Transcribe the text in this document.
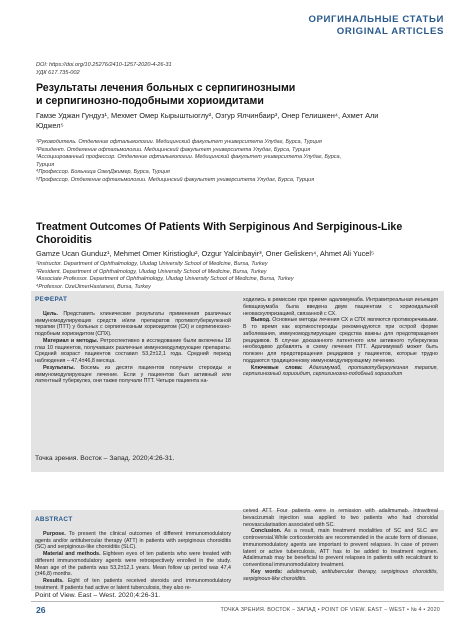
ОРИГИНАЛЬНЫЕ СТАТЬИ
ORIGINAL ARTICLES
DOI: https://doi.org/10.25276/2410-1257-2020-4-26-31
УДК 617.735-002
Результаты лечения больных с серпигинозными
и серпигинозно-подобными хориоидитами
Гамзе Уджан Гундуз¹, Мехмет Омер Кырыштыоглу², Озгур Ялчинбаир³, Онер Гелишкен⁴, Ахмет Али
Юджел⁵
¹Руководитель. Отделение офтальмологии. Медицинский факультет университета Улудаг, Бурса, Турция
²Резидент. Отделение офтальмологии. Медицинский факультет университета Улудаг, Бурса, Турция
³Ассоциированный профессор. Отделение офтальмологии. Медицинский факультет университета Улудаг, Бурса,
Турция
⁴Профессор. Больница ОзелДжимер, Бурса, Турция
⁵Профессор. Отделение офтальмологии. Медицинский факультет университета Улудаг, Бурса, Турция
Treatment Outcomes Of Patients With Serpiginous And Serpiginous-Like
Choroiditis
Gamze Ucan Gunduz¹, Mehmet Omer Kiristioglu², Ozgur Yalcinbayir³, Oner Gelisken⁴, Ahmet Ali Yucel⁵
¹Instructor. Department of Ophthalmology, Uludag University School of Medicine, Bursa, Turkey
²Resident. Department of Ophthalmology, Uludag University School of Medicine, Bursa, Turkey
³Associate Professor. Department of Ophthalmology, Uludag University School of Medicine, Bursa, Turkey
⁴Professor. OzelJimerHastanesi, Bursa, Turkey
РЕФЕРАТ

Цель. Представить клинические результаты применения различных иммуномодулирующих средств и/или препаратов противотуберкулезной терапии (ПТТ) у больных с серпигинозным хориоидитом (СХ) и серпигинозно-подобным хориоидитом (СПХ).

Материал и методы. Ретроспективно в исследование были включены 18 глаз 10 пациентов, получавших различные иммуномодулирующие препараты. Средний возраст пациентов составил 53,2±12,1 года. Средний период наблюдения – 47,4±46,8 месяца.

Результаты. Восемь из десяти пациентов получали стероиды и иммуномодулирующее лечение. Если у пациентов был активный или латентный туберкулез, они также получали ПТТ. Четыре пациента на-

ходились в ремиссии при приеме адалимумаба. Интравитреальная инъекция бевацизумаба была введена двум пациентам с хориоидальной неоваскуляризацией, связанной с СХ.

Вывод. Основные методы лечения СХ и СПХ являются противоречивыми. В то время как кортикостероиды рекомендуются при острой форме заболевания, иммуномодулирующие средства важны для предотвращения рецидивов. В случае доказанного латентного или активного туберкулеза необходимо добавлять в схему лечения ПТТ. Адалимумаб может быть полезен для предотвращения рецидивов у пациентов, которые трудно поддаются традиционному иммуномодулирующему лечению.

Ключевые слова: Адалимумаб, противотуберкулезная терапия, серпигинозный хориоидит, серпигинозно-подобный хориоидит

Точка зрения. Восток – Запад. 2020;4:26-31.
ABSTRACT

Purpose. To present the clinical outcomes of different immunomodulatory agents and/or antitubercular therapy (ATT) in patients with serpiginous choroiditis (SC) and serpiginous-like choroiditis (SLC).

Material and methods. Eighteen eyes of ten patients who were treated with different immunomodulatory agents were retrospectively enrolled in the study. Mean age of the patients was 53,2±12,1 years. Mean follow up period was 47,4 (±46,8) months.

Results. Eight of ten patients received steroids and immunomodulatory treatment. If patients had active or latent tuberculosis, they also re-

ceived ATT. Four patients were in remission with adalimumab. Intravitreal bevacizumab injection was applied to two patients who had choroidal neovascularisation associated with SC.

Conclusion. As a result, main treatment modalities of SC and SLC are controversial.While corticosteroids are recommended in the acute form of disease, immunomodulatory agents are important to prevent relapses. In case of proven latent or active tuberculosis, ATT has to be added to treatment regimen. Adalimumab may be beneficial to prevent relapses in patients with recalcitrant to conventional immunomodulatory treatment.

Key words: adalimumab, antitubercular therapy, serpiginous choroiditis, serpiginous-like choroiditis.

Point of View. East – West. 2020;4:26-31.
26	ТОЧКА ЗРЕНИЯ. ВОСТОК – ЗАПАД • POINT OF VIEW. EAST – WEST • № 4 • 2020
